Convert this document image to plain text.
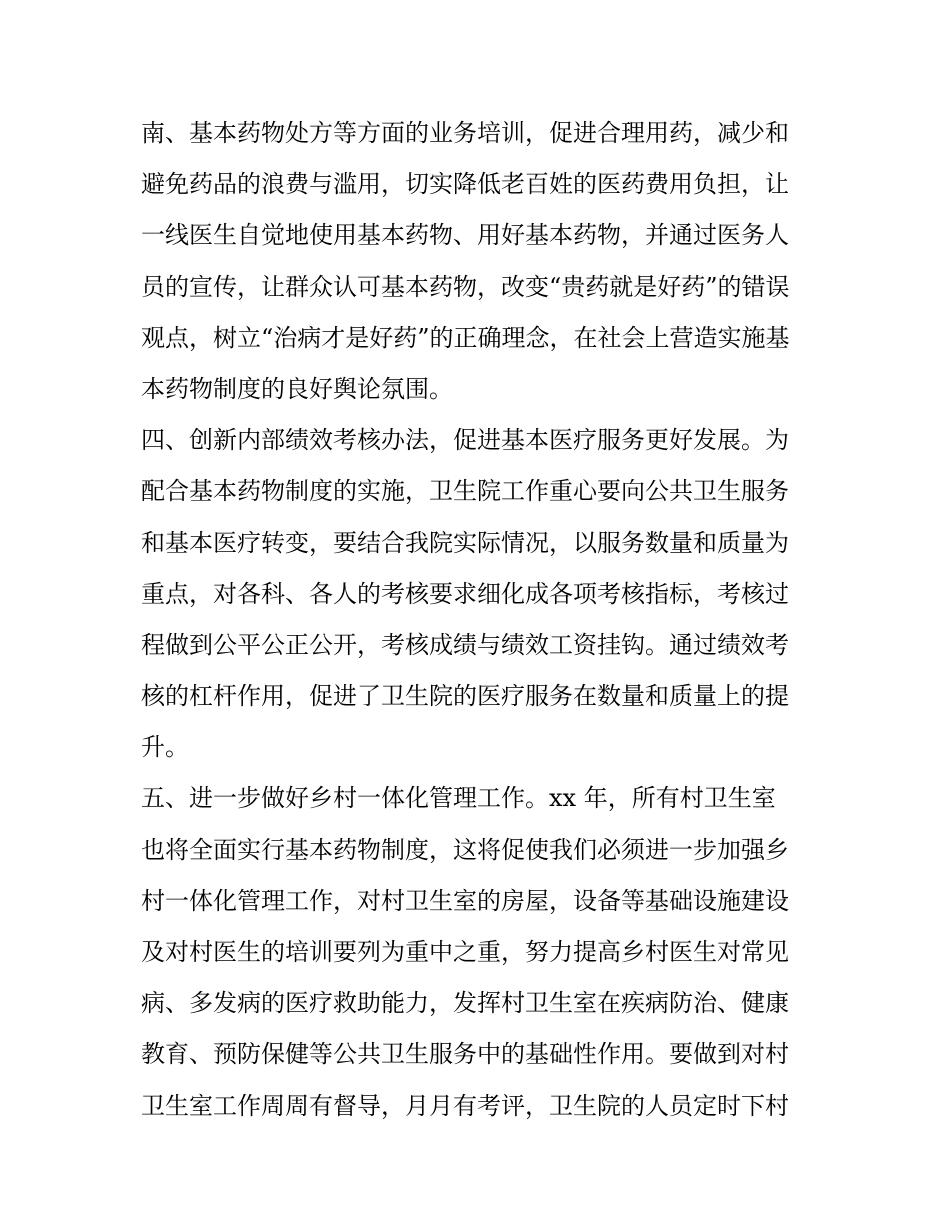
南、基本药物处方等方面的业务培训，促进合理用药，减少和
避免药品的浪费与滥用，切实降低老百姓的医药费用负担，让
一线医生自觉地使用基本药物、用好基本药物，并通过医务人
员的宣传，让群众认可基本药物，改变“贵药就是好药”的错误
观点，树立“治病才是好药”的正确理念，在社会上营造实施基
本药物制度的良好舆论氛围。
四、创新内部绩效考核办法，促进基本医疗服务更好发展。为
配合基本药物制度的实施，卫生院工作重心要向公共卫生服务
和基本医疗转变，要结合我院实际情况，以服务数量和质量为
重点，对各科、各人的考核要求细化成各项考核指标，考核过
程做到公平公正公开，考核成绩与绩效工资挂钩。通过绩效考
核的杠杆作用，促进了卫生院的医疗服务在数量和质量上的提
升。
五、进一步做好乡村一体化管理工作。xx 年，所有村卫生室
也将全面实行基本药物制度，这将促使我们必须进一步加强乡
村一体化管理工作，对村卫生室的房屋，设备等基础设施建设
及对村医生的培训要列为重中之重，努力提高乡村医生对常见
病、多发病的医疗救助能力，发挥村卫生室在疾病防治、健康
教育、预防保健等公共卫生服务中的基础性作用。要做到对村
卫生室工作周周有督导，月月有考评，卫生院的人员定时下村
